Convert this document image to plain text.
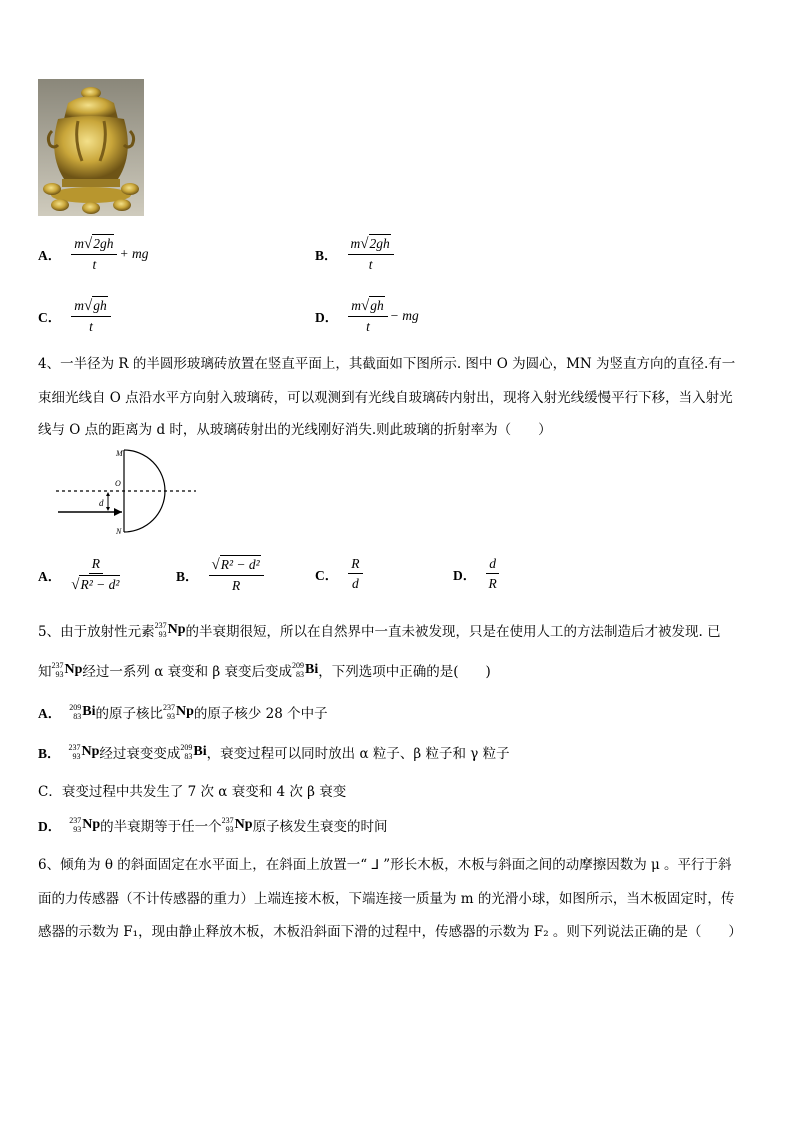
A． $\frac{m√2gh}{t}$ + mg	B． $\frac{m√2gh}{t}$
C． $\frac{m√gh}{t}$	D． $\frac{m√gh}{t}$ − mg
4、一半径为 R 的半圆形玻璃砖放置在竖直平面上，其截面如下图所示. 图中 O 为圆心，MN 为竖直方向的直径.有一
束细光线自 O 点沿水平方向射入玻璃砖，可以观测到有光线自玻璃砖内射出，现将入射光线缓慢平行下移，当入射光
线与 O 点的距离为 d 时，从玻璃砖射出的光线刚好消失.则此玻璃的折射率为（　　）
M
O
d
N
A． $\frac{R}{\text{√R² − d²}}$	B． $\frac{\text{√R² − d²}}{R}$	C． $\frac{R}{d}$	D． $\frac{d}{R}$
5、由于放射性元素 237
93 Np 的半衰期很短，所以在自然界中一直未被发现，只是在使用人工的方法制造后才被发现. 已
知 237
93 Np 经过一系列 α 衰变和 β 衰变后变成 209
83 Bi ，下列选项中正确的是(　　)
A． 209
83 Bi 的原子核比 237
93 Np 的原子核少 28 个中子
B． 237
93 Np 经过衰变变成 209
83 Bi ，衰变过程可以同时放出 α 粒子、β 粒子和 γ 粒子
C．衰变过程中共发生了 7 次 α 衰变和 4 次 β 衰变
D． 237
93 Np 的半衰期等于任一个 237
93 Np 原子核发生衰变的时间
6、倾角为 θ 的斜面固定在水平面上，在斜面上放置一“ ⅃ ”形长木板，木板与斜面之间的动摩擦因数为 μ 。平行于斜
面的力传感器（不计传感器的重力）上端连接木板，下端连接一质量为 m 的光滑小球，如图所示，当木板固定时，传
感器的示数为 F₁，现由静止释放木板，木板沿斜面下滑的过程中，传感器的示数为 F₂ 。则下列说法正确的是（　　）
